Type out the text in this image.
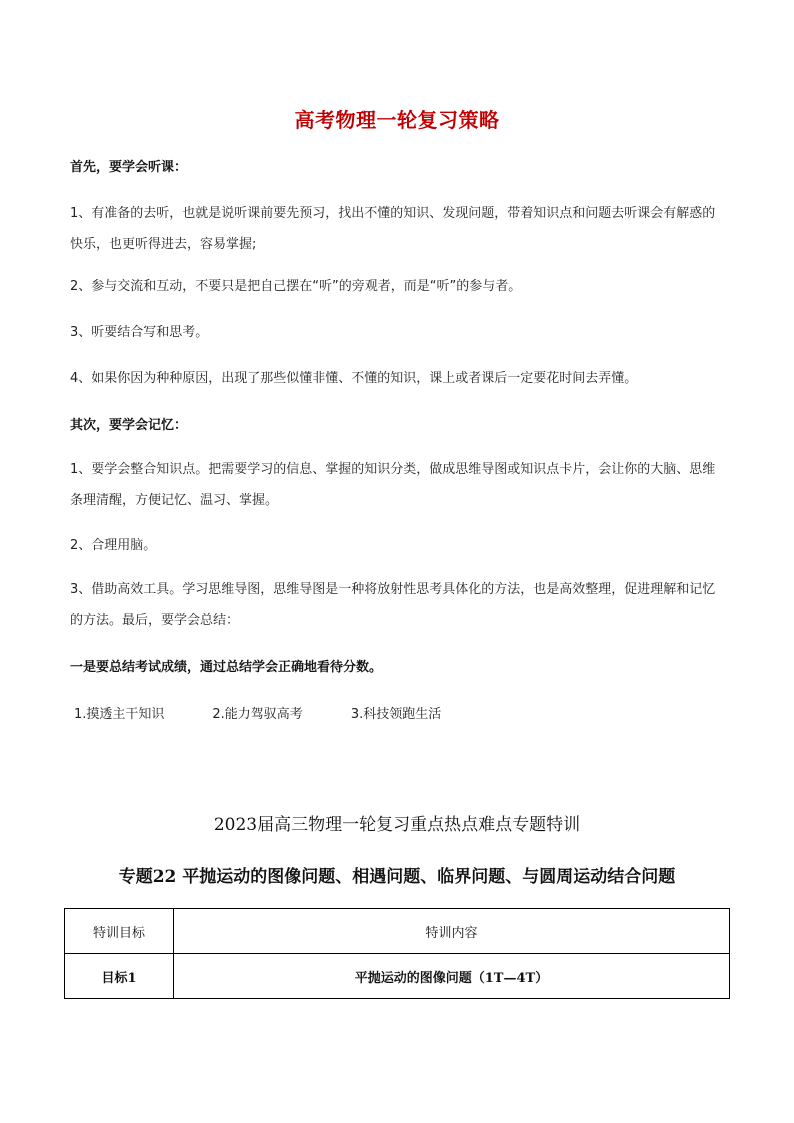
高考物理一轮复习策略
首先，要学会听课：
1、有准备的去听，也就是说听课前要先预习，找出不懂的知识、发现问题，带着知识点和问题去听课会有解惑的快乐，也更听得进去，容易掌握;
2、参与交流和互动，不要只是把自己摆在“听”的旁观者，而是“听”的参与者。
3、听要结合写和思考。
4、如果你因为种种原因，出现了那些似懂非懂、不懂的知识，课上或者课后一定要花时间去弄懂。
其次，要学会记忆：
1、要学会整合知识点。把需要学习的信息、掌握的知识分类，做成思维导图或知识点卡片，会让你的大脑、思维条理清醒，方便记忆、温习、掌握。
2、合理用脑。
3、借助高效工具。学习思维导图，思维导图是一种将放射性思考具体化的方法，也是高效整理，促进理解和记忆的方法。最后，要学会总结：
一是要总结考试成绩，通过总结学会正确地看待分数。
1.摸透主干知识	2.能力驾驭高考	3.科技领跑生活
2023届高三物理一轮复习重点热点难点专题特训
专题22 平抛运动的图像问题、相遇问题、临界问题、与圆周运动结合问题
特训目标	特训内容
目标1	平抛运动的图像问题（1T—4T）
